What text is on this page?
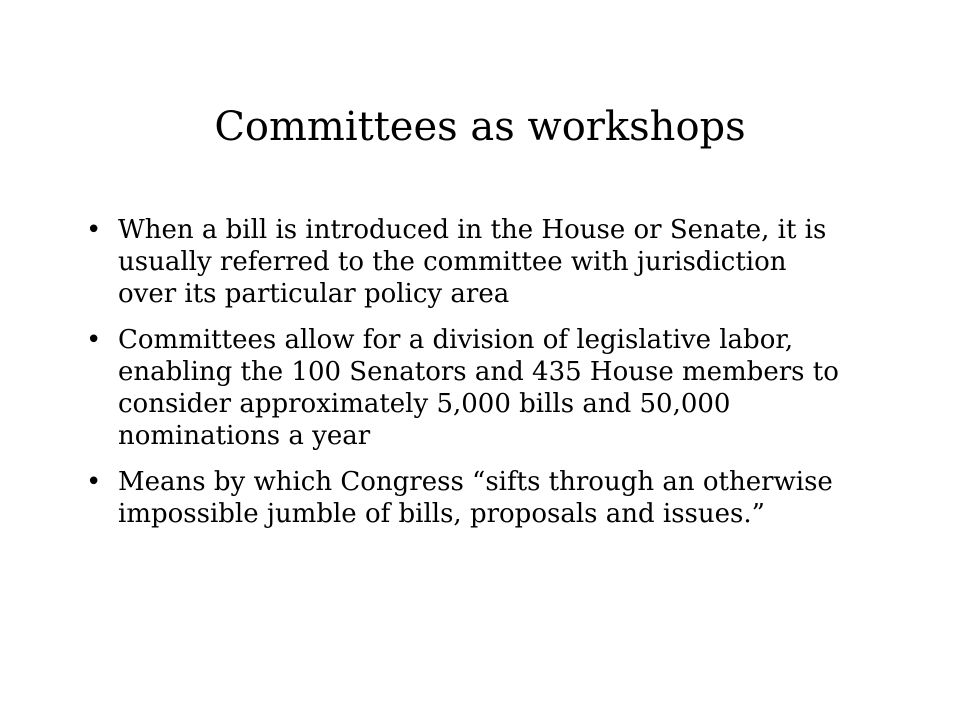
Committees as workshops
• When a bill is introduced in the House or Senate, it is usually referred to the committee with jurisdiction over its particular policy area
• Committees allow for a division of legislative labor, enabling the 100 Senators and 435 House members to consider approximately 5,000 bills and 50,000 nominations a year
• Means by which Congress “sifts through an otherwise impossible jumble of bills, proposals and issues.”
